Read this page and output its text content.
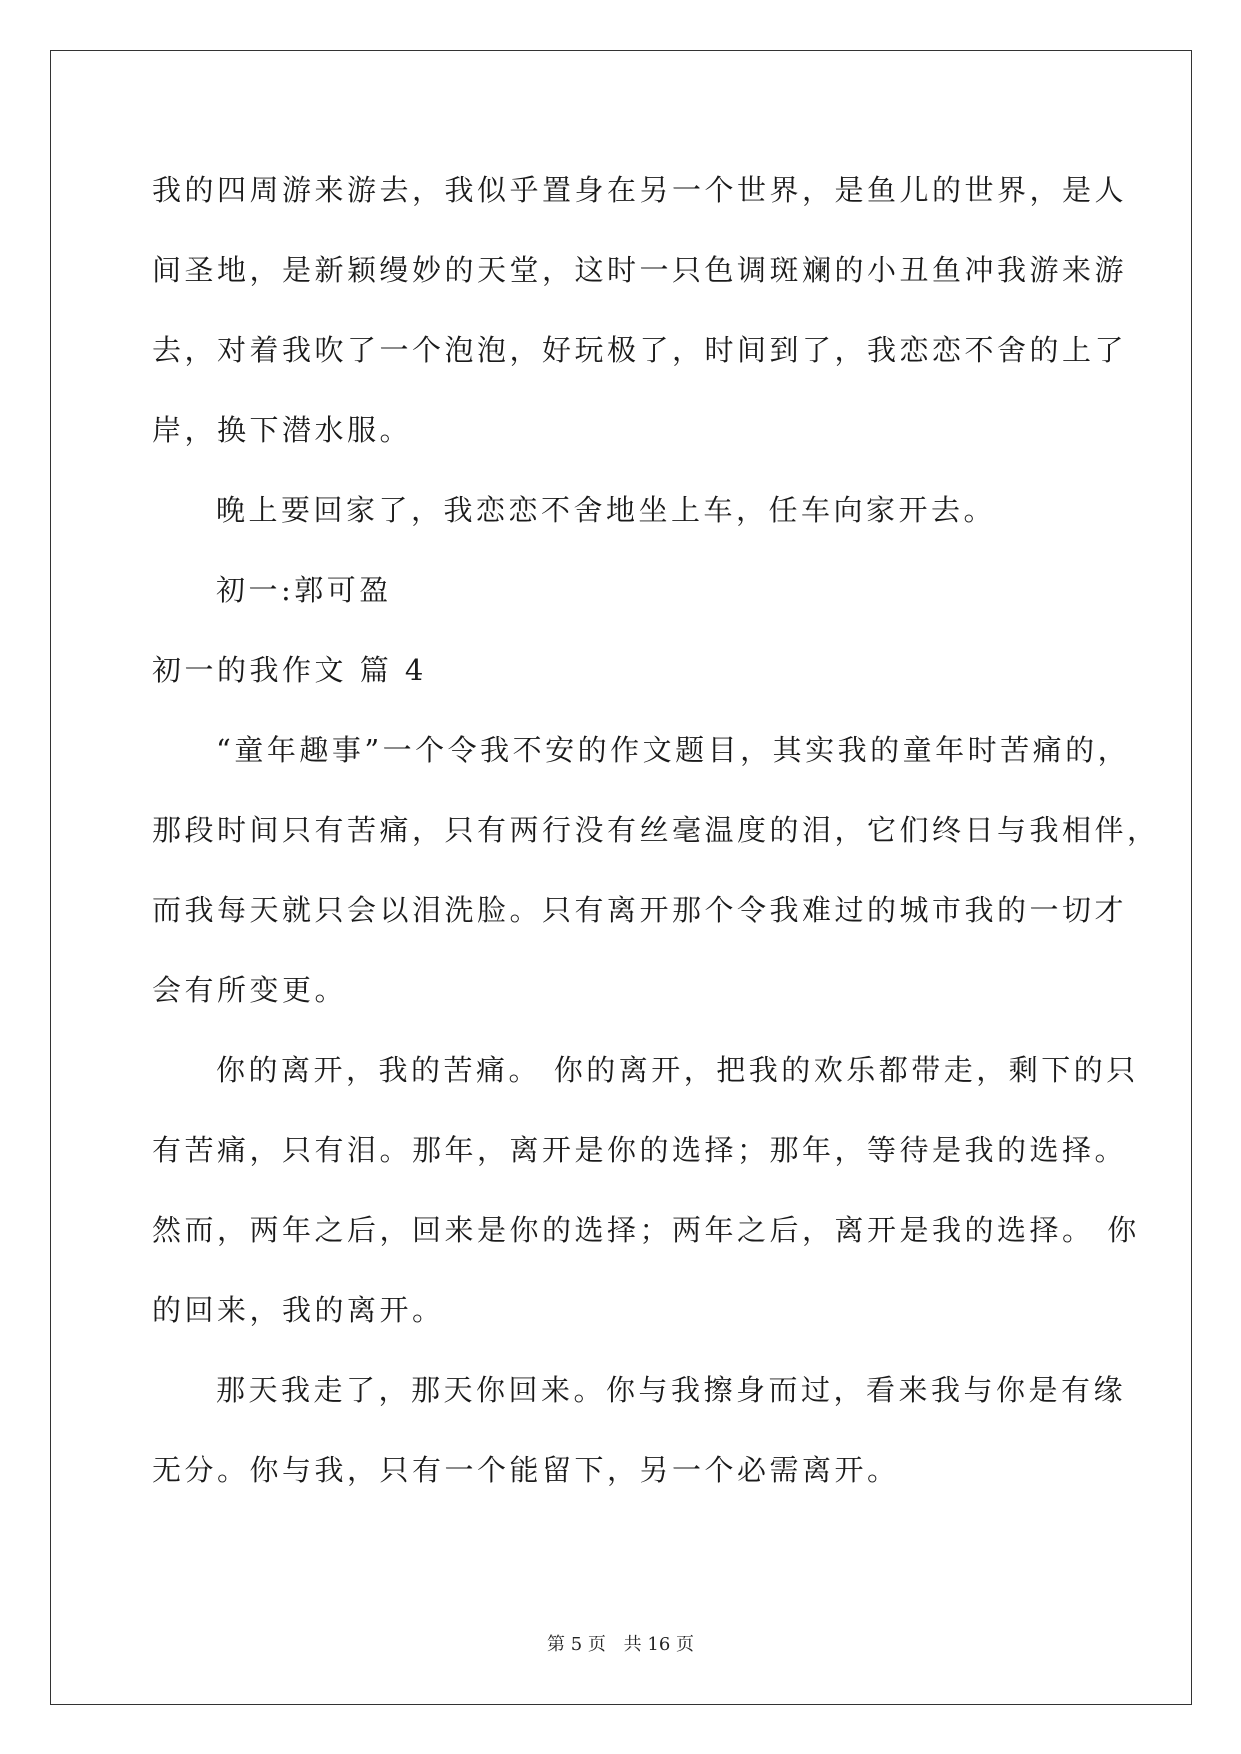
我的四周游来游去，我似乎置身在另一个世界，是鱼儿的世界，是人
间圣地，是新颖缦妙的天堂，这时一只色调斑斓的小丑鱼冲我游来游
去，对着我吹了一个泡泡，好玩极了，时间到了，我恋恋不舍的上了
岸，换下潜水服。
晚上要回家了，我恋恋不舍地坐上车，任车向家开去。
初一:郭可盈
初一的我作文 篇 4
“童年趣事”一个令我不安的作文题目，其实我的童年时苦痛的，
那段时间只有苦痛，只有两行没有丝毫温度的泪，它们终日与我相伴，
而我每天就只会以泪洗脸。只有离开那个令我难过的城市我的一切才
会有所变更。
你的离开，我的苦痛。 你的离开，把我的欢乐都带走，剩下的只
有苦痛，只有泪。那年，离开是你的选择；那年，等待是我的选择。
然而，两年之后，回来是你的选择；两年之后，离开是我的选择。 你
的回来，我的离开。
那天我走了，那天你回来。你与我擦身而过，看来我与你是有缘
无分。你与我，只有一个能留下，另一个必需离开。
第 5 页 共 16 页
